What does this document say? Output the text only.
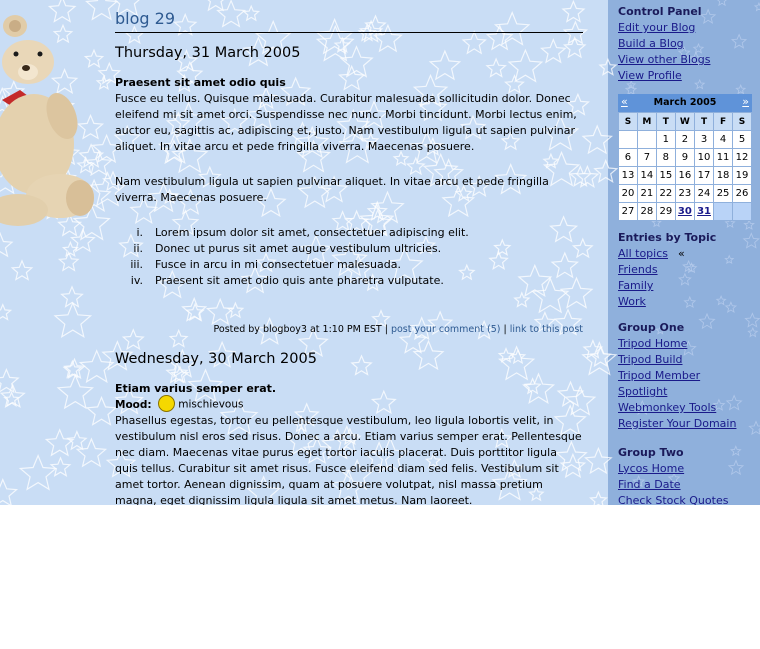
blog 29
Thursday, 31 March 2005
Praesent sit amet odio quis
Fusce eu tellus. Quisque malesuada. Curabitur malesuada sollicitudin dolor. Donec eleifend mi sit amet orci. Suspendisse nec nunc. Morbi tincidunt. Morbi lectus enim, auctor eu, sagittis ac, adipiscing et, justo. Nam vestibulum ligula ut sapien pulvinar aliquet. In vitae arcu et pede fringilla viverra. Maecenas posuere.
Nam vestibulum ligula ut sapien pulvinar aliquet. In vitae arcu et pede fringilla viverra. Maecenas posuere.
i. Lorem ipsum dolor sit amet, consectetuer adipiscing elit.
ii. Donec ut purus sit amet augue vestibulum ultricies.
iii. Fusce in arcu in mi consectetuer malesuada.
iv. Praesent sit amet odio quis ante pharetra vulputate.
Posted by blogboy3 at 1:10 PM EST | post your comment (5) | link to this post
Wednesday, 30 March 2005
Etiam varius semper erat.
Mood:	mischievous
Phasellus egestas, tortor eu pellentesque vestibulum, leo ligula lobortis velit, in vestibulum nisl eros sed risus. Donec a arcu. Etiam varius semper erat. Pellentesque nec diam. Maecenas vitae purus eget tortor iaculis placerat. Duis porttitor ligula quis tellus. Curabitur sit amet risus. Fusce eleifend diam sed felis. Vestibulum sit amet tortor. Aenean dignissim, quam at posuere volutpat, nisl massa pretium magna, eget dignissim ligula ligula sit amet metus. Nam laoreet.
Control Panel
Edit your Blog
Build a Blog
View other Blogs
View Profile
«	March 2005	»
S	M	T	W	T	F	S
		1	2	3	4	5
6	7	8	9	10	11	12
13	14	15	16	17	18	19
20	21	22	23	24	25	26
27	28	29	30	31		
Entries by Topic
All topics «
Friends
Family
Work
Group One
Tripod Home
Tripod Build
Tripod Member
Spotlight
Webmonkey Tools
Register Your Domain
Group Two
Lycos Home
Find a Date
Check Stock Quotes
